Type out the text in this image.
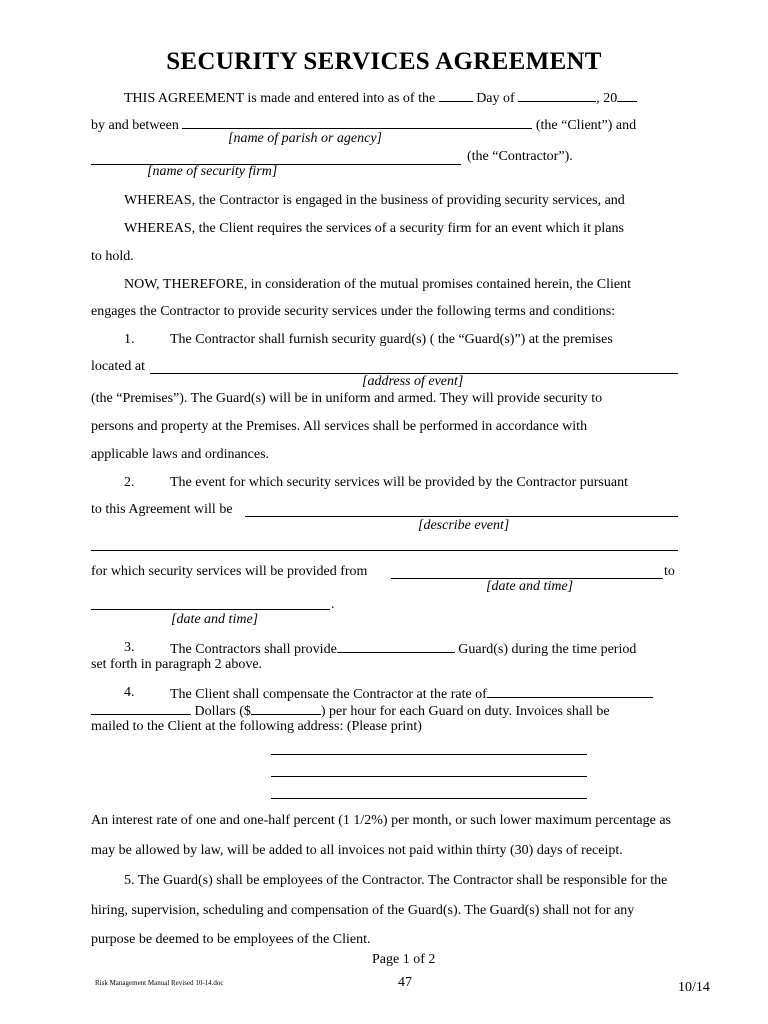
SECURITY SERVICES AGREEMENT
THIS AGREEMENT is made and entered into as of the	Day of	, 20
by and between	(the “Client”) and
[name of parish or agency]
(the “Contractor”).
[name of security firm]
WHEREAS, the Contractor is engaged in the business of providing security services, and
WHEREAS, the Client requires the services of a security firm for an event which it plans
to hold.
NOW, THEREFORE, in consideration of the mutual promises contained herein, the Client
engages the Contractor to provide security services under the following terms and conditions:
1.	The Contractor shall furnish security guard(s) ( the “Guard(s)”) at the premises
located at
[address of event]
(the “Premises”). The Guard(s) will be in uniform and armed. They will provide security to
persons and property at the Premises. All services shall be performed in accordance with
applicable laws and ordinances.
2.	The event for which security services will be provided by the Contractor pursuant
to this Agreement will be
[describe event]
for which security services will be provided from	to
[date and time]
.
[date and time]
3.	The Contractors shall provide	Guard(s) during the time period
set forth in paragraph 2 above.
4.	The Client shall compensate the Contractor at the rate of
Dollars ($	) per hour for each Guard on duty. Invoices shall be
mailed to the Client at the following address: (Please print)
An interest rate of one and one-half percent (1 1/2%) per month, or such lower maximum percentage as
may be allowed by law, will be added to all invoices not paid within thirty (30) days of receipt.
5. The Guard(s) shall be employees of the Contractor. The Contractor shall be responsible for the
hiring, supervision, scheduling and compensation of the Guard(s). The Guard(s) shall not for any
purpose be deemed to be employees of the Client.
Page 1 of 2
47
Risk Management Manual Revised 10-14.doc	10/14
